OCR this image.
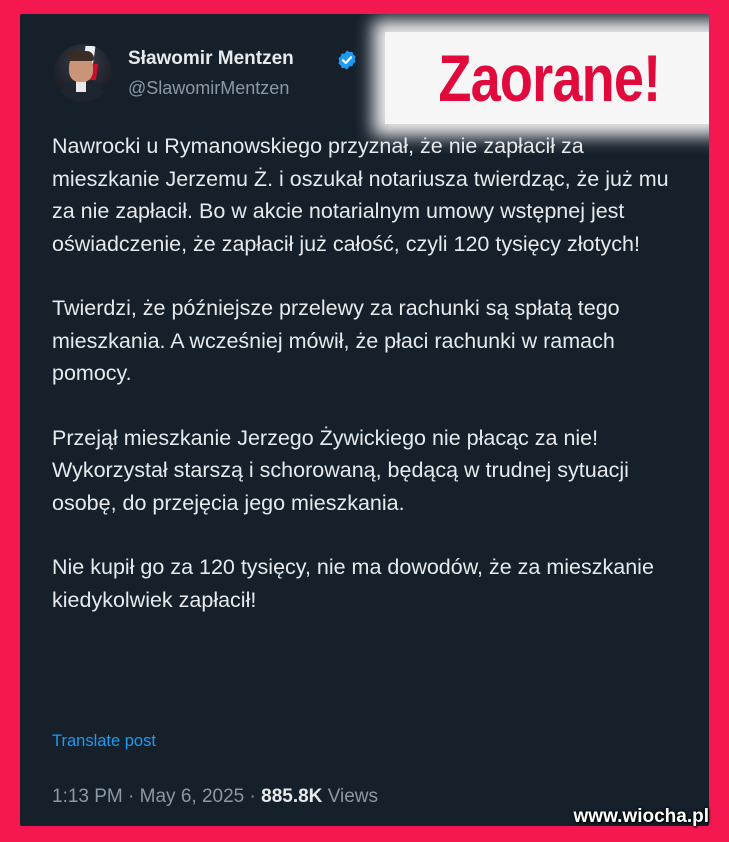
Sławomir Mentzen
@SlawomirMentzen Zaorane!

Nawrocki u Rymanowskiego przyznał, że nie zapłacił za mieszkanie Jerzemu Ż. i oszukał notariusza twierdząc, że już mu za nie zapłacił. Bo w akcie notarialnym umowy wstępnej jest oświadczenie, że zapłacił już całość, czyli 120 tysięcy złotych!

Twierdzi, że późniejsze przelewy za rachunki są spłatą tego mieszkania. A wcześniej mówił, że płaci rachunki w ramach pomocy.

Przejął mieszkanie Jerzego Żywickiego nie płacąc za nie! Wykorzystał starszą i schorowaną, będącą w trudnej sytuacji osobę, do przejęcia jego mieszkania.

Nie kupił go za 120 tysięcy, nie ma dowodów, że za mieszkanie kiedykolwiek zapłacił!

Translate post
1:13 PM · May 6, 2025 · 885.8K Views
www.wiocha.pl
